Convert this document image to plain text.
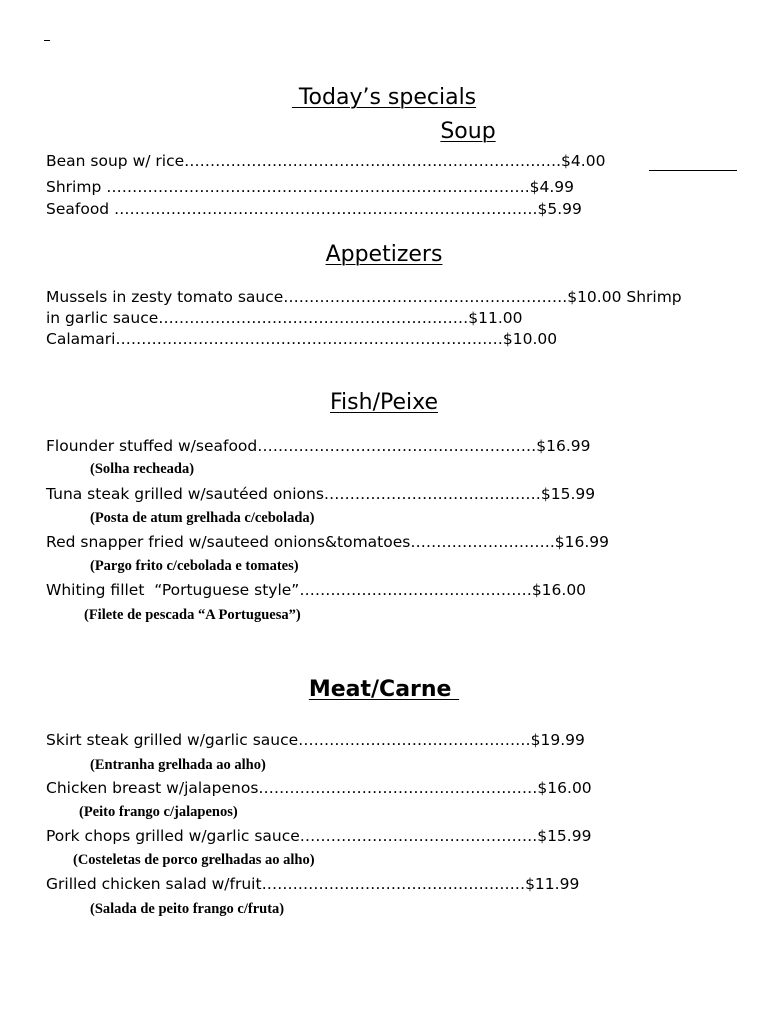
Today’s specials
Soup
Bean soup w/ rice……………………………………………………………….$4.00
Shrimp ……………………………………………………………………….$4.99
Seafood ……………………………………………………………………….$5.99
Appetizers
Mussels in zesty tomato sauce……………………………………………….$10.00 Shrimp
in garlic sauce……………………………………………………$11.00
Calamari…………………………………………………………………$10.00
Fish/Peixe
Flounder stuffed w/seafood………………………………………………$16.99
(Solha recheada)
Tuna steak grilled w/sautéed onions……………………………………$15.99
(Posta de atum grelhada c/cebolada)
Red snapper fried w/sauteed onions&tomatoes……………………….$16.99
(Pargo frito c/cebolada e tomates)
Whiting fillet  “Portuguese style”………………………………………$16.00
(Filete de pescada “A Portuguesa”)
Meat/Carne
Skirt steak grilled w/garlic sauce………………………………………$19.99
(Entranha grelhada ao alho)
Chicken breast w/jalapenos………………………………………………$16.00
(Peito frango c/jalapenos)
Pork chops grilled w/garlic sauce……………………………………….$15.99
(Costeletas de porco grelhadas ao alho)
Grilled chicken salad w/fruit……………………………………………$11.99
(Salada de peito frango c/fruta)
